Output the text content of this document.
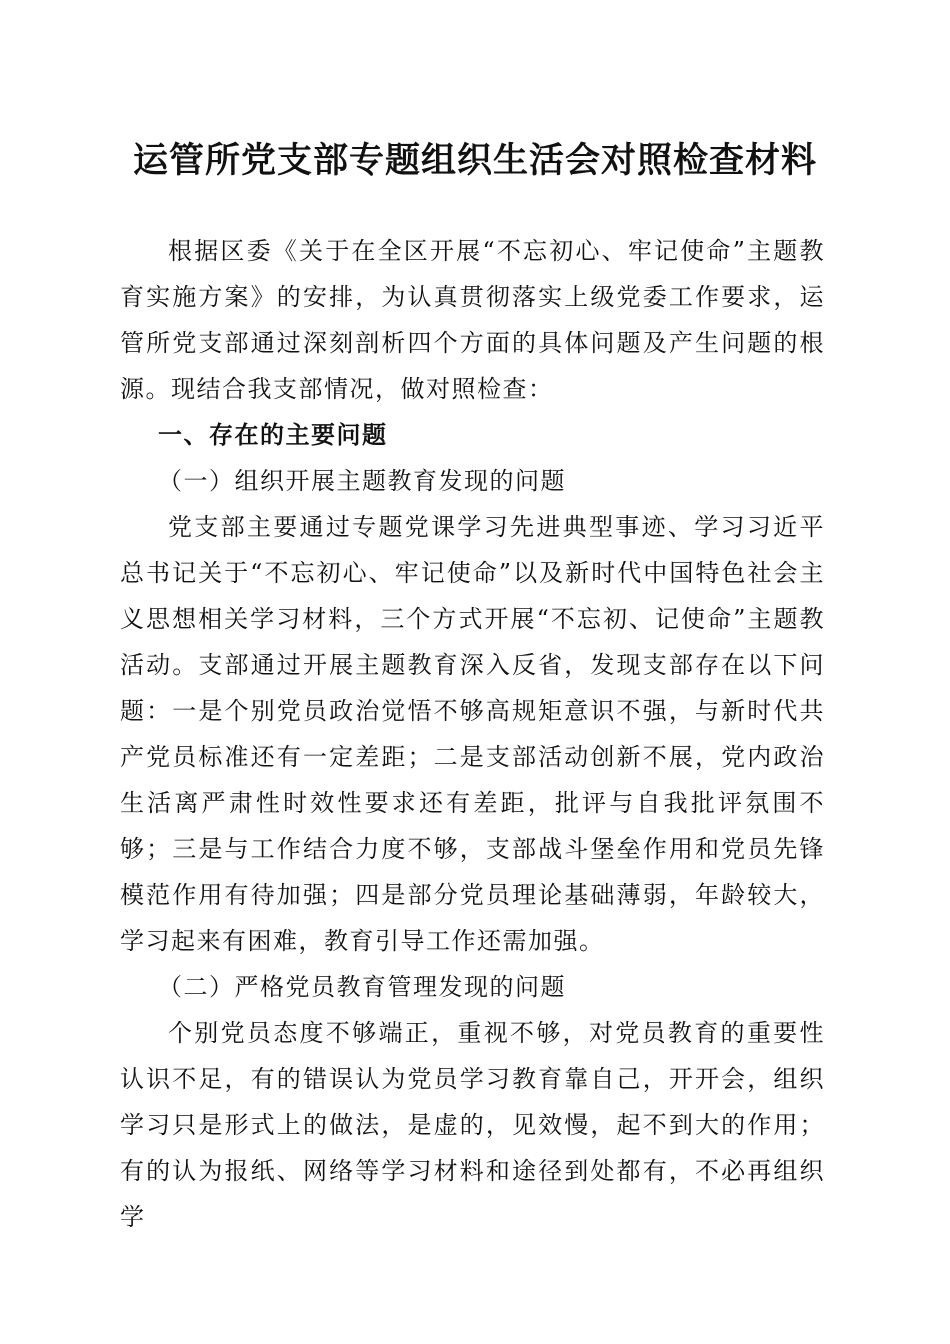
运管所党支部专题组织生活会对照检查材料

根据区委《关于在全区开展“不忘初心、牢记使命”主题教育实施方案》的安排，为认真贯彻落实上级党委工作要求，运管所党支部通过深刻剖析四个方面的具体问题及产生问题的根源。现结合我支部情况，做对照检查：

一、存在的主要问题

（一）组织开展主题教育发现的问题

党支部主要通过专题党课学习先进典型事迹、学习习近平总书记关于“不忘初心、牢记使命”以及新时代中国特色社会主义思想相关学习材料，三个方式开展“不忘初、记使命”主题教活动。支部通过开展主题教育深入反省，发现支部存在以下问题：一是个别党员政治觉悟不够高规矩意识不强，与新时代共产党员标准还有一定差距；二是支部活动创新不展，党内政治生活离严肃性时效性要求还有差距，批评与自我批评氛围不够；三是与工作结合力度不够，支部战斗堡垒作用和党员先锋模范作用有待加强；四是部分党员理论基础薄弱，年龄较大，学习起来有困难，教育引导工作还需加强。

（二）严格党员教育管理发现的问题

个别党员态度不够端正，重视不够，对党员教育的重要性认识不足，有的错误认为党员学习教育靠自己，开开会，组织学习只是形式上的做法，是虚的，见效慢，起不到大的作用；有的认为报纸、网络等学习材料和途径到处都有，不必再组织学
